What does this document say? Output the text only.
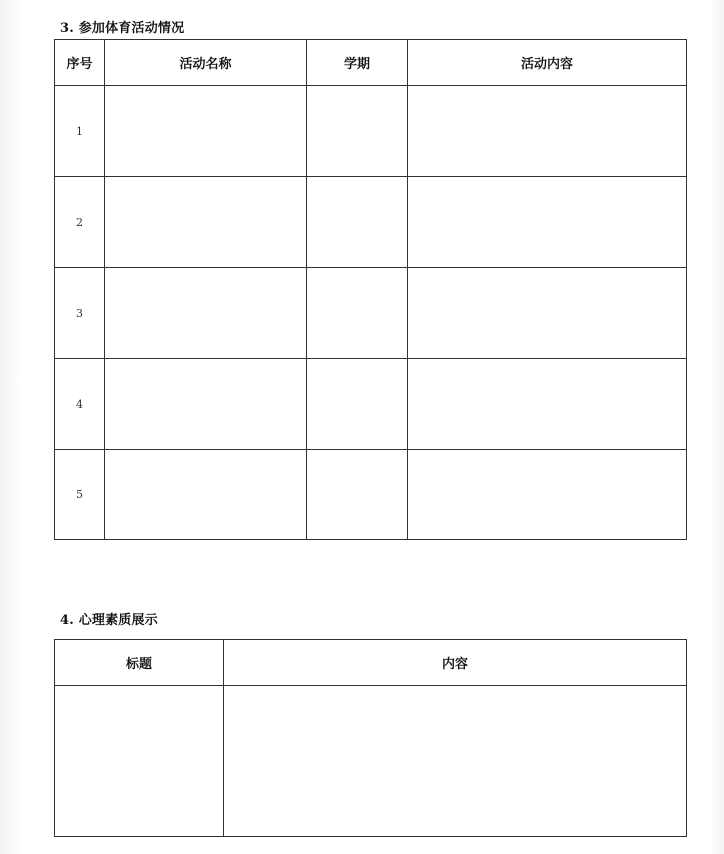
3. 参加体育活动情况
序号	活动名称	学期	活动内容
1			
2			
3			
4			
5			
4. 心理素质展示
标题	内容
